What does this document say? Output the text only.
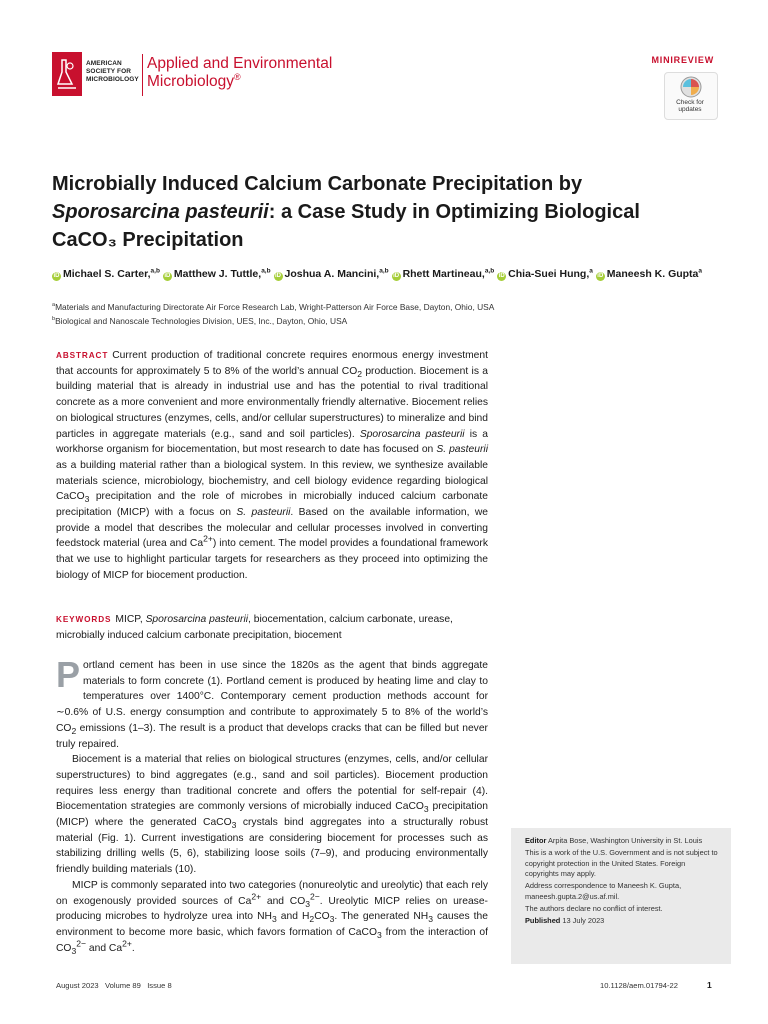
AMERICAN SOCIETY FOR MICROBIOLOGY
Applied and Environmental
Microbiology®
MINIREVIEW
Check for updates
Microbially Induced Calcium Carbonate Precipitation by
Sporosarcina pasteurii: a Case Study in Optimizing Biological
CaCO₃ Precipitation
iD Michael S. Carter,$^{a,b}$ iD Matthew J. Tuttle,$^{a,b}$ iD Joshua A. Mancini,$^{a,b}$ iD Rhett Martineau,$^{a,b}$ iD Chia-Suei Hung,$^a$ iD Maneesh K. Gupta$^a$
$^a$Materials and Manufacturing Directorate Air Force Research Lab, Wright-Patterson Air Force Base, Dayton, Ohio, USA
$^b$Biological and Nanoscale Technologies Division, UES, Inc., Dayton, Ohio, USA
ABSTRACT Current production of traditional concrete requires enormous energy investment that accounts for approximately 5 to 8% of the world’s annual $CO_2$ production. Biocement is a building material that is already in industrial use and has the potential to rival traditional concrete as a more convenient and more environmentally friendly alternative. Biocement relies on biological structures (enzymes, cells, and/or cellular superstructures) to mineralize and bind particles in aggregate materials (e.g., sand and soil particles). Sporosarcina pasteurii is a workhorse organism for biocementation, but most research to date has focused on S. pasteurii as a building material rather than a biological system. In this review, we synthesize available materials science, microbiology, biochemistry, and cell biology evidence regarding biological CaCO$_3$ precipitation and the role of microbes in microbially induced calcium carbonate precipitation (MICP) with a focus on S. pasteurii. Based on the available information, we provide a model that describes the molecular and cellular processes involved in converting feedstock material (urea and $Ca^{2+}$) into cement. The model provides a foundational framework that we use to highlight particular targets for researchers as they proceed into optimizing the biology of MICP for biocement production.
KEYWORDS MICP, Sporosarcina pasteurii, biocementation, calcium carbonate, urease, microbially induced calcium carbonate precipitation, biocement

Portland cement has been in use since the 1820s as the agent that binds aggregate materials to form concrete (1). Portland cement is produced by heating lime and clay to temperatures over 1400°C. Contemporary cement production methods account for ∼0.6% of U.S. energy consumption and contribute to approximately 5 to 8% of the world’s $CO_2$ emissions (1–3). The result is a product that develops cracks that can be filled but never truly repaired.

Biocement is a material that relies on biological structures (enzymes, cells, and/or cellular superstructures) to bind aggregates (e.g., sand and soil particles). Biocement production requires less energy than traditional concrete and offers the potential for self-repair (4). Biocementation strategies are commonly versions of microbially induced CaCO$_3$ precipitation (MICP) where the generated CaCO$_3$ crystals bind aggregates into a structurally robust material (Fig. 1). Current investigations are considering biocement for processes such as stabilizing drilling wells (5, 6), stabilizing loose soils (7–9), and producing environmentally friendly building materials (10).

MICP is commonly separated into two categories (nonureolytic and ureolytic) that each rely on exogenously provided sources of $Ca^{2+}$ and $CO_3^{2-}$. Ureolytic MICP relies on urease-producing microbes to hydrolyze urea into $NH_3$ and $H_2CO_3$. The generated $NH_3$ causes the environment to become more basic, which favors formation of CaCO$_3$ from the interaction of $CO_3^{2-}$ and $Ca^{2+}$.

Editor Arpita Bose, Washington University in St. Louis
This is a work of the U.S. Government and is not subject to copyright protection in the United States. Foreign copyrights may apply.
Address correspondence to Maneesh K. Gupta, maneesh.gupta.2@us.af.mil.
The authors declare no conflict of interest.
Published 13 July 2023
August 2023   Volume 89   Issue 8	10.1128/aem.01794-22	1
